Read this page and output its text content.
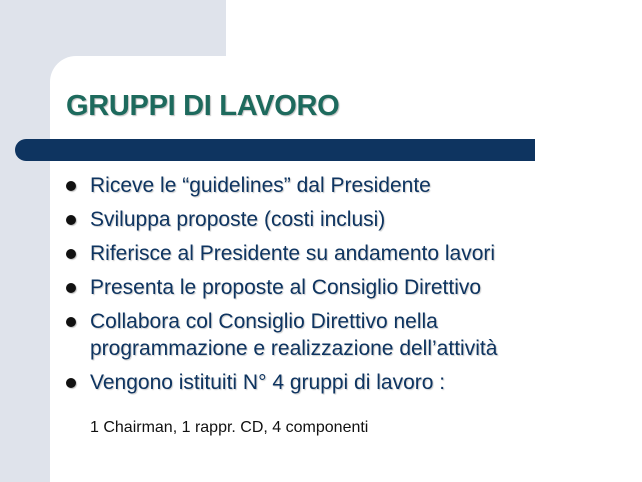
GRUPPI DI LAVORO
Riceve le “guidelines” dal Presidente
Sviluppa proposte (costi inclusi)
Riferisce al Presidente su andamento lavori
Presenta le proposte al Consiglio Direttivo
Collabora col Consiglio Direttivo nella
programmazione e realizzazione dell’attività
Vengono istituiti N° 4 gruppi di lavoro :

1 Chairman, 1 rappr. CD, 4 componenti
